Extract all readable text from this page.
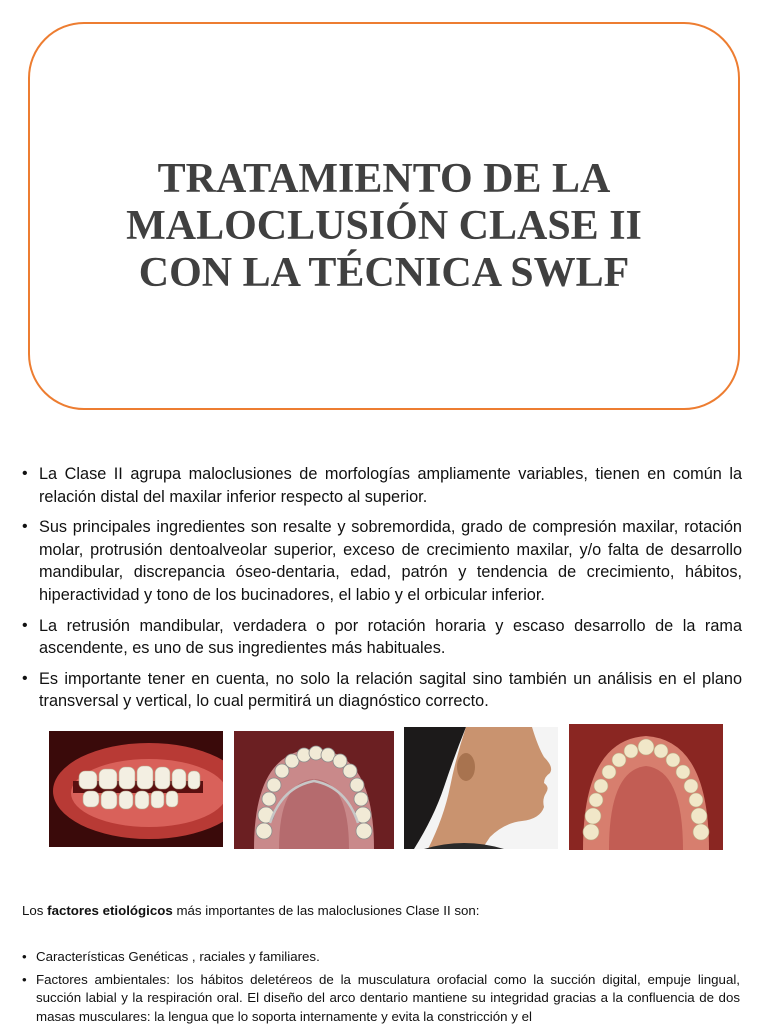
TRATAMIENTO DE LA
MALOCLUSIÓN CLASE II
CON LA TÉCNICA SWLF
• La Clase II agrupa maloclusiones de morfologías ampliamente variables, tienen en común la relación distal del maxilar inferior respecto al superior.
• Sus principales ingredientes son resalte y sobremordida, grado de compresión maxilar, rotación molar, protrusión dentoalveolar superior, exceso de crecimiento maxilar, y/o falta de desarrollo mandibular, discrepancia óseo-dentaria, edad, patrón y tendencia de crecimiento, hábitos, hiperactividad y tono de los bucinadores, el labio y el orbicular inferior.
• La retrusión mandibular, verdadera o por rotación horaria y escaso desarrollo de la rama ascendente, es uno de sus ingredientes más habituales.
• Es importante tener en cuenta, no solo la relación sagital sino también un análisis en el plano transversal y vertical, lo cual permitirá un diagnóstico correcto.

Los factores etiológicos más importantes de las maloclusiones Clase II son:

• Características Genéticas , raciales y familiares.
• Factores ambientales: los hábitos deletéreos de la musculatura orofacial como la succión digital, empuje lingual, succión labial y la respiración oral. El diseño del arco dentario mantiene su integridad gracias a la confluencia de dos masas musculares: la lengua que lo soporta internamente y evita la constricción y el
